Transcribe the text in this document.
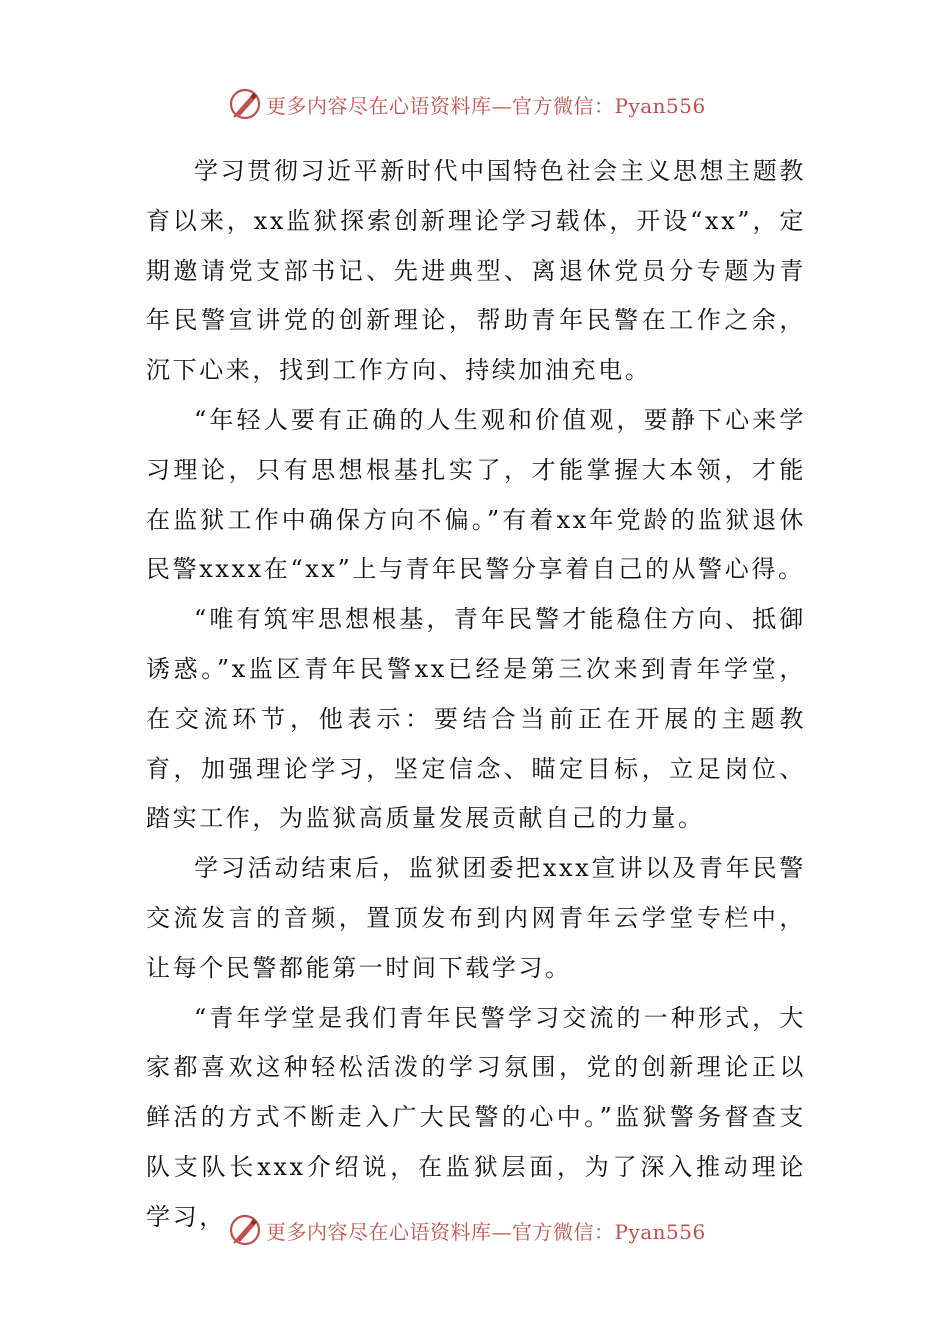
更多内容尽在心语资料库—官方微信：Pyan556

学习贯彻习近平新时代中国特色社会主义思想主题教育以来，xx监狱探索创新理论学习载体，开设“xx”，定期邀请党支部书记、先进典型、离退休党员分专题为青年民警宣讲党的创新理论，帮助青年民警在工作之余，沉下心来，找到工作方向、持续加油充电。

“年轻人要有正确的人生观和价值观，要静下心来学习理论，只有思想根基扎实了，才能掌握大本领，才能在监狱工作中确保方向不偏。”有着xx年党龄的监狱退休民警xxxx在“xx”上与青年民警分享着自己的从警心得。

“唯有筑牢思想根基，青年民警才能稳住方向、抵御诱惑。”x监区青年民警xx已经是第三次来到青年学堂，在交流环节，他表示：要结合当前正在开展的主题教育，加强理论学习，坚定信念、瞄定目标，立足岗位、踏实工作，为监狱高质量发展贡献自己的力量。

学习活动结束后，监狱团委把xxx宣讲以及青年民警交流发言的音频，置顶发布到内网青年云学堂专栏中，让每个民警都能第一时间下载学习。

“青年学堂是我们青年民警学习交流的一种形式，大家都喜欢这种轻松活泼的学习氛围，党的创新理论正以鲜活的方式不断走入广大民警的心中。”监狱警务督查支队支队长xxx介绍说，在监狱层面，为了深入推动理论学习，

更多内容尽在心语资料库—官方微信：Pyan556
